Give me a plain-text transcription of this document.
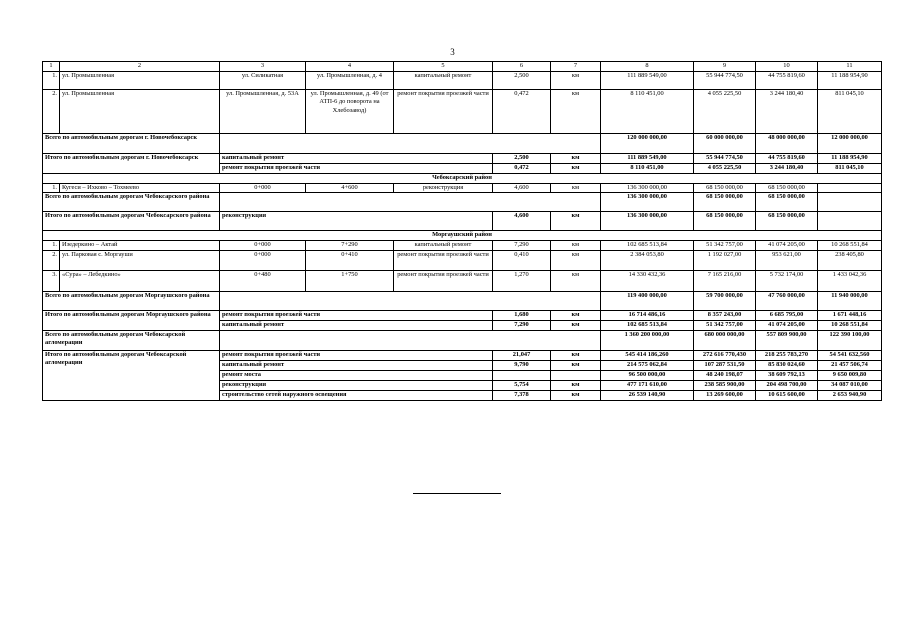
3
1	2	3	4	5	6	7	8	9	10	11
1.	ул. Промышленная	ул. Силикатная	ул. Промышленная, д. 4	капитальный ремонт	2,500	км	111 889 549,00	55 944 774,50	44 755 819,60	11 188 954,90
2.	ул. Промышленная	ул. Промышленная, д. 53А	ул. Промышленная, д. 49 (от АТП-6 до поворота на Хлебозавод)	ремонт покрытия проезжей части	0,472	км	8 110 451,00	4 055 225,50	3 244 180,40	811 045,10
Всего по автомобильным дорогам г. Новочебоксарск							120 000 000,00	60 000 000,00	48 000 000,00	12 000 000,00
Итого по автомобильным дорогам г. Новочебоксарск		капитальный ремонт			2,500	км	111 889 549,00	55 944 774,50	44 755 819,60	11 188 954,90
		ремонт покрытия проезжей части			0,472	км	8 110 451,00	4 055 225,50	3 244 180,40	811 045,10
Чебоксарский район										
1.	Кугеси – Ихково – Тохмеево	0+000	4+600	реконструкция	4,600	км	136 300 000,00	68 150 000,00	68 150 000,00	
Всего по автомобильным дорогам Чебоксарского района							136 300 000,00	68 150 000,00	68 150 000,00	
Итого по автомобильным дорогам Чебоксарского района		реконструкция			4,600	км	136 300 000,00	68 150 000,00	68 150 000,00	
Моргаушский район										
1.	Изедеркино – Актай	0+000	7+290	капитальный ремонт	7,290	км	102 685 513,84	51 342 757,00	41 074 205,00	10 268 551,84
2.	ул. Парковая с. Моргауши	0+000	0+410	ремонт покрытия проезжей части	0,410	км	2 384 053,80	1 192 027,00	953 621,00	238 405,80
3.	«Сура» – Лебедкино»	0+480	1+750	ремонт покрытия проезжей части	1,270	км	14 330 432,36	7 165 216,00	5 732 174,00	1 433 042,36
Всего по автомобильным дорогам Моргаушского района							119 400 000,00	59 700 000,00	47 760 000,00	11 940 000,00
Итого по автомобильным дорогам Моргаушского района		ремонт покрытия проезжей части			1,680	км	16 714 486,16	8 357 243,00	6 685 795,00	1 671 448,16
		капитальный ремонт			7,290	км	102 685 513,84	51 342 757,00	41 074 205,00	10 268 551,84
Всего по автомобильным дорогам Чебоксарской агломерации							1 360 200 000,00	680 000 000,00	557 809 900,00	122 390 100,00
Итого по автомобильным дорогам Чебоксарской агломерации		ремонт покрытия проезжей части			21,047	км	545 414 186,260	272 616 770,430	218 255 783,270	54 541 632,560
		капитальный ремонт			9,790	км	214 575 062,84	107 287 531,50	85 830 024,60	21 457 506,74
		ремонт моста					96 500 000,00	48 240 198,07	38 609 792,13	9 650 009,80
		реконструкция			5,754	км	477 171 610,00	238 585 900,00	204 498 700,00	34 087 010,00
		строительство сетей наружного освещения			7,378	км	26 539 140,90	13 269 600,00	10 615 600,00	2 653 940,90
